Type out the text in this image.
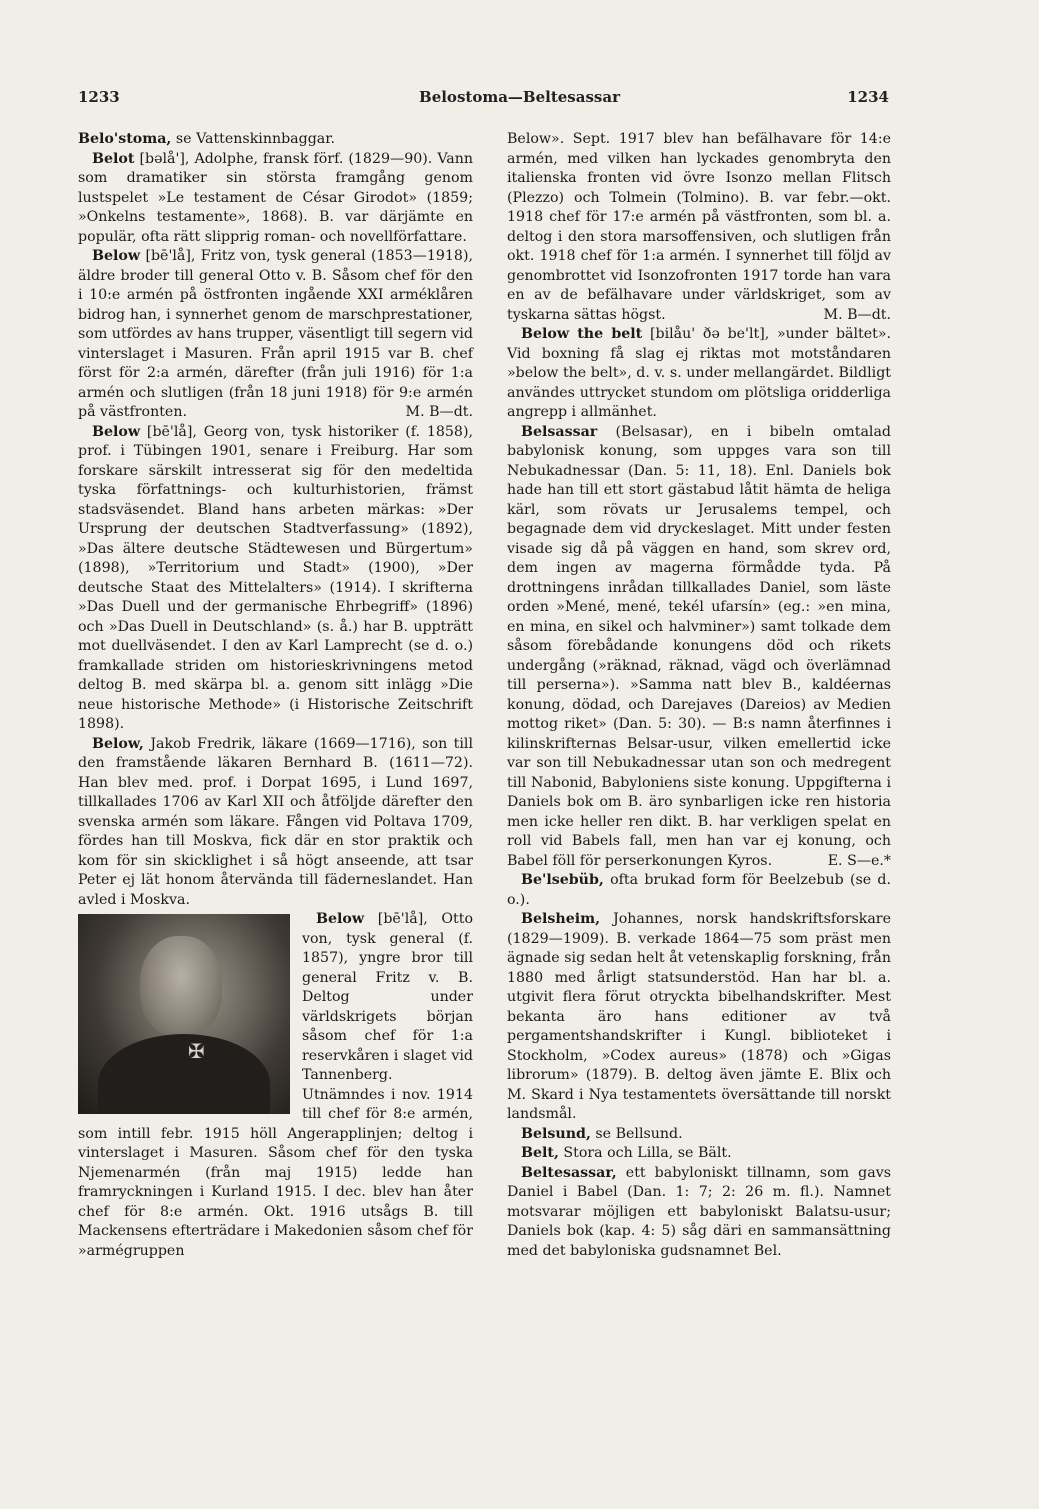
1233	Belostoma—Beltesassar	1234

Belo'stoma, se Vattenskinnbaggar.

Belot [bəlå'], Adolphe, fransk förf. (1829—90). Vann som dramatiker sin största framgång genom lustspelet »Le testament de César Girodot» (1859; »Onkelns testamente», 1868). B. var därjämte en populär, ofta rätt slipprig roman- och novellförfattare.

Below [bē'lå], Fritz von, tysk general (1853—1918), äldre broder till general Otto v. B. Såsom chef för den i 10:e armén på östfronten ingående XXI arméklåren bidrog han, i synnerhet genom de marschprestationer, som utfördes av hans trupper, väsentligt till segern vid vinterslaget i Masuren. Från april 1915 var B. chef först för 2:a armén, därefter (från juli 1916) för 1:a armén och slutligen (från 18 juni 1918) för 9:e armén på västfronten.	M. B—dt.

Below [bē'lå], Georg von, tysk historiker (f. 1858), prof. i Tübingen 1901, senare i Freiburg. Har som forskare särskilt intresserat sig för den medeltida tyska författnings- och kulturhistorien, främst stadsväsendet. Bland hans arbeten märkas: »Der Ursprung der deutschen Stadtverfassung» (1892), »Das ältere deutsche Städtewesen und Bürgertum» (1898), »Territorium und Stadt» (1900), »Der deutsche Staat des Mittelalters» (1914). I skrifterna »Das Duell und der germanische Ehrbegriff» (1896) och »Das Duell in Deutschland» (s. å.) har B. uppträtt mot duellväsendet. I den av Karl Lamprecht (se d. o.) framkallade striden om historieskrivningens metod deltog B. med skärpa bl. a. genom sitt inlägg »Die neue historische Methode» (i Historische Zeitschrift 1898).

Below, Jakob Fredrik, läkare (1669—1716), son till den framstående läkaren Bernhard B. (1611—72). Han blev med. prof. i Dorpat 1695, i Lund 1697, tillkallades 1706 av Karl XII och åtföljde därefter den svenska armén som läkare. Fången vid Poltava 1709, fördes han till Moskva, fick där en stor praktik och kom för sin skicklighet i så högt anseende, att tsar Peter ej lät honom återvända till fäderneslandet. Han avled i Moskva.

✠
Below [bē'lå], Otto von, tysk general (f. 1857), yngre bror till general Fritz v. B. Deltog under världskrigets början såsom chef för 1:a reservkåren i slaget vid Tannenberg. Utnämndes i nov. 1914 till chef för 8:e armén, som intill febr. 1915 höll Angerapplinjen; deltog i vinterslaget i Masuren. Såsom chef för den tyska Njemenarmén (från maj 1915) ledde han framryckningen i Kurland 1915. I dec. blev han åter chef för 8:e armén. Okt. 1916 utsågs B. till Mackensens efterträdare i Makedonien såsom chef för »armégruppen

Below». Sept. 1917 blev han befälhavare för 14:e armén, med vilken han lyckades genombryta den italienska fronten vid övre Isonzo mellan Flitsch (Plezzo) och Tolmein (Tolmino). B. var febr.—okt. 1918 chef för 17:e armén på västfronten, som bl. a. deltog i den stora marsoffensiven, och slutligen från okt. 1918 chef för 1:a armén. I synnerhet till följd av genombrottet vid Isonzofronten 1917 torde han vara en av de befälhavare under världskriget, som av tyskarna sättas högst.	M. B—dt.

Below the belt [bilåu' ðə be'lt], »under bältet». Vid boxning få slag ej riktas mot motståndaren »below the belt», d. v. s. under mellangärdet. Bildligt användes uttrycket stundom om plötsliga oridderliga angrepp i allmänhet.

Belsassar (Belsasar), en i bibeln omtalad babylonisk konung, som uppges vara son till Nebukadnessar (Dan. 5: 11, 18). Enl. Daniels bok hade han till ett stort gästabud låtit hämta de heliga kärl, som rövats ur Jerusalems tempel, och begagnade dem vid dryckeslaget. Mitt under festen visade sig då på väggen en hand, som skrev ord, dem ingen av magerna förmådde tyda. På drottningens inrådan tillkallades Daniel, som läste orden »Mené, mené, tekél ufarsín» (eg.: »en mina, en mina, en sikel och halvminer») samt tolkade dem såsom förebådande konungens död och rikets undergång (»räknad, räknad, vägd och överlämnad till perserna»). »Samma natt blev B., kaldéernas konung, dödad, och Darejaves (Dareios) av Medien mottog riket» (Dan. 5: 30). — B:s namn återfinnes i kilinskrifternas Belsar-usur, vilken emellertid icke var son till Nebukadnessar utan son och medregent till Nabonid, Babyloniens siste konung. Uppgifterna i Daniels bok om B. äro synbarligen icke ren historia men icke heller ren dikt. B. har verkligen spelat en roll vid Babels fall, men han var ej konung, och Babel föll för perserkonungen Kyros.	E. S—e.*

Be'lsebüb, ofta brukad form för Beelzebub (se d. o.).

Belsheim, Johannes, norsk handskriftsforskare (1829—1909). B. verkade 1864—75 som präst men ägnade sig sedan helt åt vetenskaplig forskning, från 1880 med årligt statsunderstöd. Han har bl. a. utgivit flera förut otryckta bibelhandskrifter. Mest bekanta äro hans editioner av två pergamentshandskrifter i Kungl. biblioteket i Stockholm, »Codex aureus» (1878) och »Gigas librorum» (1879). B. deltog även jämte E. Blix och M. Skard i Nya testamentets översättande till norskt landsmål.

Belsund, se Bellsund.

Belt, Stora och Lilla, se Bält.

Beltesassar, ett babyloniskt tillnamn, som gavs Daniel i Babel (Dan. 1: 7; 2: 26 m. fl.). Namnet motsvarar möjligen ett babyloniskt Balatsu-usur; Daniels bok (kap. 4: 5) såg däri en sammansättning med det babyloniska gudsnamnet Bel.
